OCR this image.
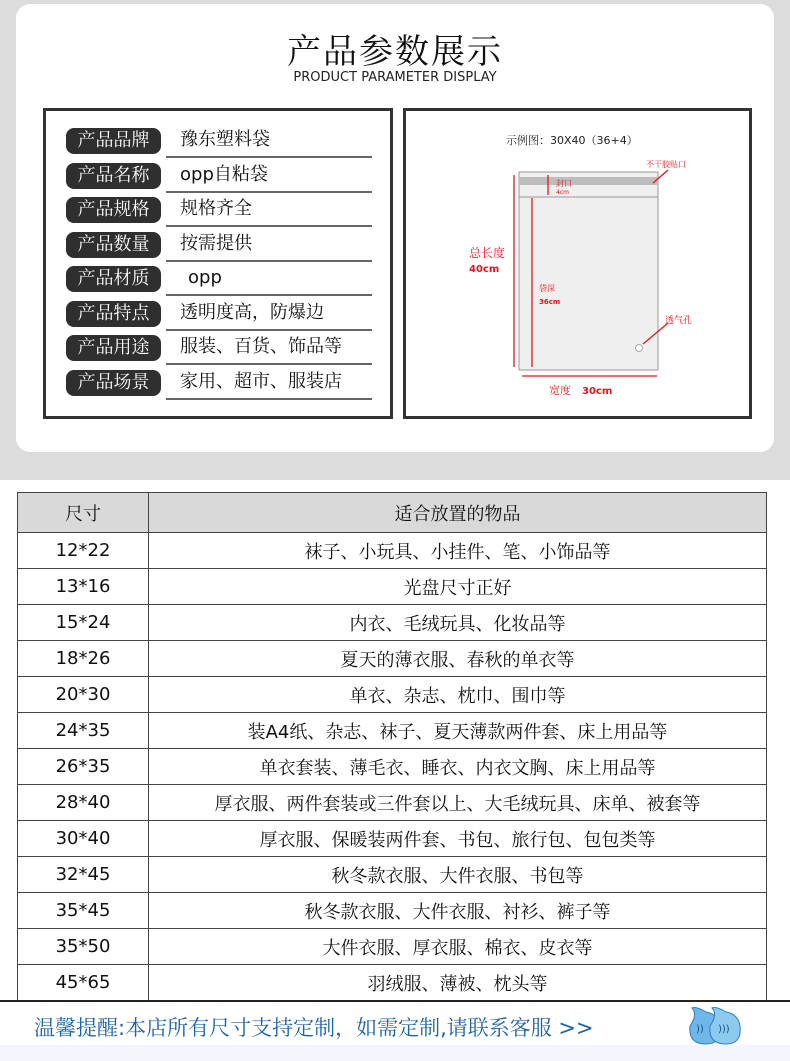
产品参数展示
PRODUCT PARAMETER DISPLAY
产品品牌	豫东塑料袋
产品名称	opp自粘袋
产品规格	规格齐全
产品数量	按需提供
产品材质	opp
产品特点	透明度高，防爆边
产品用途	服装、百货、饰品等
产品场景	家用、超市、服装店
示例图：30X40（36+4）
不干胶贴口
封口
4cm
总长度
40cm
袋深
36cm
透气孔
宽度 30cm
尺寸	适合放置的物品
12*22	袜子、小玩具、小挂件、笔、小饰品等
13*16	光盘尺寸正好
15*24	内衣、毛绒玩具、化妆品等
18*26	夏天的薄衣服、春秋的单衣等
20*30	单衣、杂志、枕巾、围巾等
24*35	装A4纸、杂志、袜子、夏天薄款两件套、床上用品等
26*35	单衣套装、薄毛衣、睡衣、内衣文胸、床上用品等
28*40	厚衣服、两件套装或三件套以上、大毛绒玩具、床单、被套等
30*40	厚衣服、保暖装两件套、书包、旅行包、包包类等
32*45	秋冬款衣服、大件衣服、书包等
35*45	秋冬款衣服、大件衣服、衬衫、裤子等
35*50	大件衣服、厚衣服、棉衣、皮衣等
45*65	羽绒服、薄被、枕头等
温馨提醒:本店所有尺寸支持定制，如需定制,请联系客服 >>	)) )))
